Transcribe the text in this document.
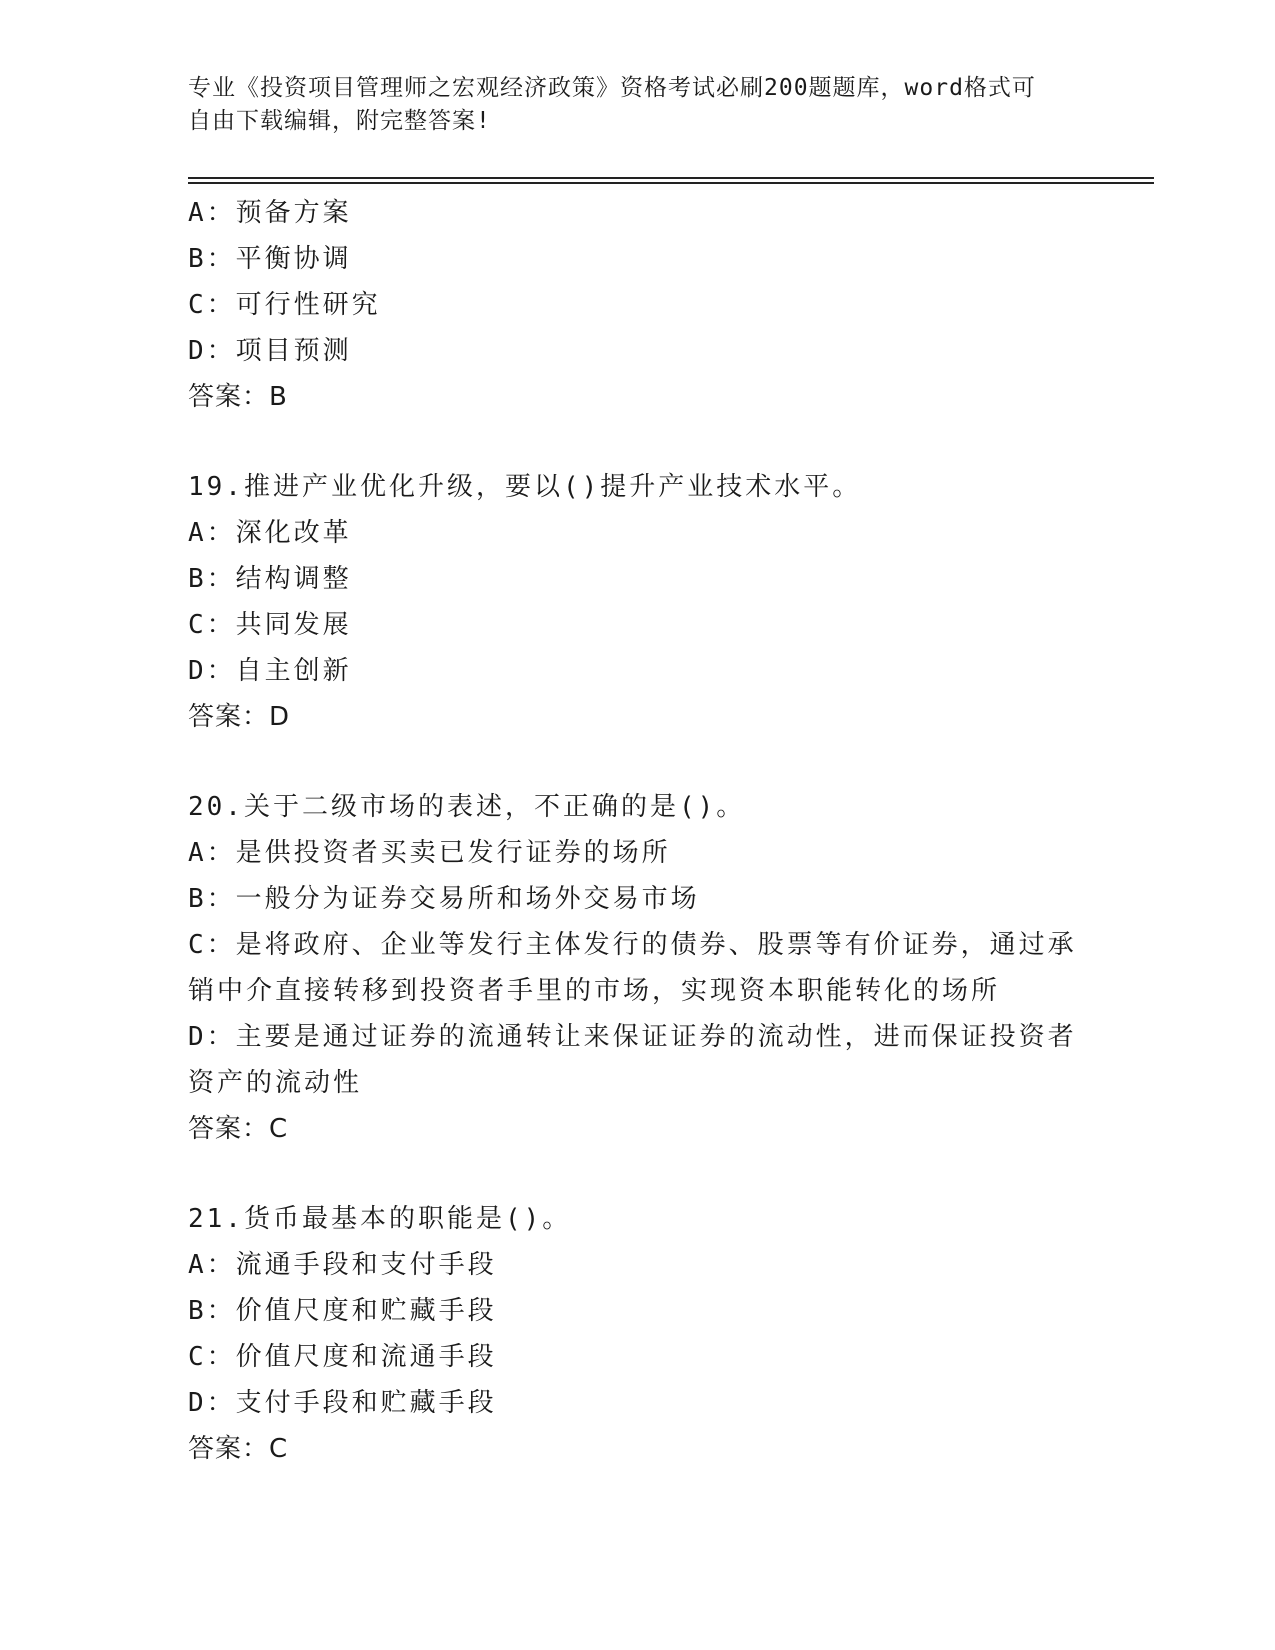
专业《投资项目管理师之宏观经济政策》资格考试必刷200题题库，word格式可
自由下载编辑，附完整答案!
A：预备方案
B：平衡协调
C：可行性研究
D：项目预测
答案：B
19.推进产业优化升级，要以()提升产业技术水平。
A：深化改革
B：结构调整
C：共同发展
D：自主创新
答案：D
20.关于二级市场的表述，不正确的是()。
A：是供投资者买卖已发行证券的场所
B：一般分为证券交易所和场外交易市场
C：是将政府、企业等发行主体发行的债券、股票等有价证券，通过承
销中介直接转移到投资者手里的市场，实现资本职能转化的场所
D：主要是通过证券的流通转让来保证证券的流动性，进而保证投资者
资产的流动性
答案：C
21.货币最基本的职能是()。
A：流通手段和支付手段
B：价值尺度和贮藏手段
C：价值尺度和流通手段
D：支付手段和贮藏手段
答案：C
